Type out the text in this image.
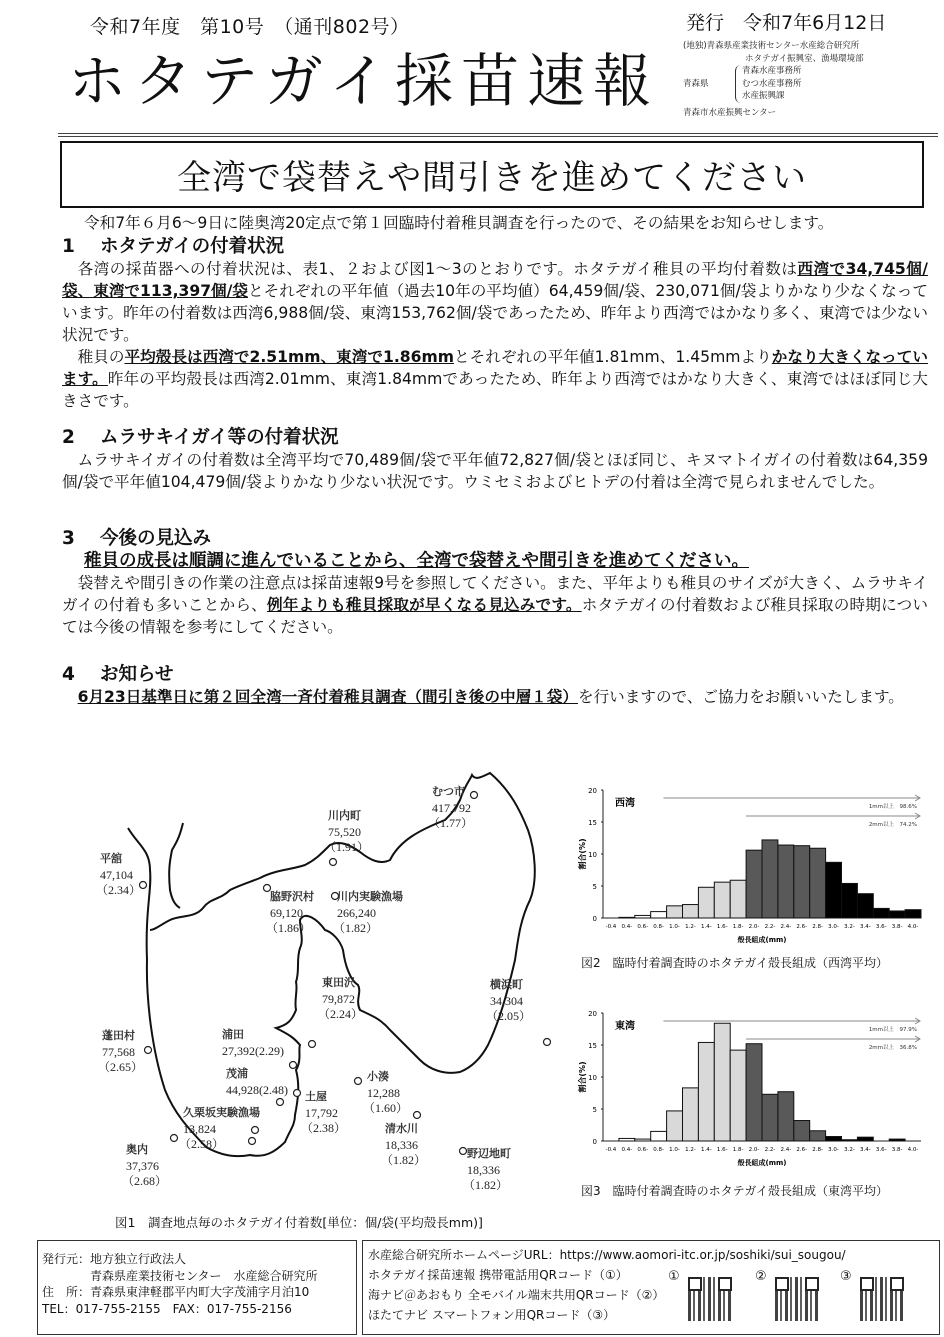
令和7年度　第10号　（通刊802号）	発行　令和7年6月12日
ホタテガイ採苗速報
(地独)青森県産業技術センター水産総合研究所
ホタテガイ振興室、漁場環境部
青森県
青森水産事務所
むつ水産事務所
水産振興課
青森市水産振興センター
全湾で袋替えや間引きを進めてください
令和7年６月6～9日に陸奥湾20定点で第１回臨時付着稚貝調査を行ったので、その結果をお知らせします。
1 ホタテガイの付着状況
各湾の採苗器への付着状況は、表1、２および図1～3のとおりです。ホタテガイ稚貝の平均付着数は西湾で34,745個/袋、東湾で113,397個/袋とそれぞれの平年値（過去10年の平均値）64,459個/袋、230,071個/袋よりかなり少なくなっています。昨年の付着数は西湾6,988個/袋、東湾153,762個/袋であったため、昨年より西湾ではかなり多く、東湾では少ない状況です。
稚貝の平均殻長は西湾で2.51mm、東湾で1.86mmとそれぞれの平年値1.81mm、1.45mmよりかなり大きくなっています。昨年の平均殻長は西湾2.01mm、東湾1.84mmであったため、昨年より西湾ではかなり大きく、東湾ではほぼ同じ大きさです。
2 ムラサキイガイ等の付着状況
ムラサキイガイの付着数は全湾平均で70,489個/袋で平年値72,827個/袋とほぼ同じ、キヌマトイガイの付着数は64,359個/袋で平年値104,479個/袋よりかなり少ない状況です。ウミセミおよびヒトデの付着は全湾で見られませんでした。
3 今後の見込み
稚貝の成長は順調に進んでいることから、全湾で袋替えや間引きを進めてください。
袋替えや間引きの作業の注意点は採苗速報9号を参照してください。また、平年よりも稚貝のサイズが大きく、ムラサキイガイの付着も多いことから、例年よりも稚貝採取が早くなる見込みです。ホタテガイの付着数および稚貝採取の時期については今後の情報を参考にしてください。
4 お知らせ
6月23日基準日に第２回全湾一斉付着稚貝調査（間引き後の中層１袋）を行いますので、ご協力をお願いいたします。
平舘
47,104
（2.34）
川内町
75,520
（1.91）
むつ市
417,792
（1.77）
脇野沢村
69,120
（1.86）
川内実験漁場
266,240
（1.82）
東田沢
79,872
（2.24）
横浜町
34,304
（2.05）
蓬田村
77,568
（2.65）
浦田
27,392(2.29)
茂浦
44,928(2.48) 土屋
17,792
（2.38）
小湊
12,288
（1.60）
久栗坂実験漁場
13,824
（2.58）
清水川
18,336
（1.82）	野辺地町
18,336
（1.82）
奥内
37,376
（2.68）
図1　調査地点毎のホタテガイ付着数[単位：個/袋(平均殻長mm)]
割合(%)
0
5
10
15
20
-0.4 0.4- 0.6- 0.8- 1.0- 1.2- 1.4- 1.6- 1.8- 2.0- 2.2- 2.4- 2.6- 2.8- 3.0- 3.2- 3.4- 3.6- 3.8- 4.0-
殻長組成(mm)
西湾	1mm以上　98.6%
2mm以上　74.2%
図2　臨時付着調査時のホタテガイ殻長組成（西湾平均）
割合(%)
0
5
10
15
20
-0.4 0.4- 0.6- 0.8- 1.0- 1.2- 1.4- 1.6- 1.8- 2.0- 2.2- 2.4- 2.6- 2.8- 3.0- 3.2- 3.4- 3.6- 3.8- 4.0-
殻長組成(mm)
東湾	1mm以上　97.9%
2mm以上　36.8%
図3　臨時付着調査時のホタテガイ殻長組成（東湾平均）
発行元：地方独立行政法人
青森県産業技術センター　水産総合研究所
住　所：青森県東津軽郡平内町大字茂浦字月泊10
TEL：017-755-2155　FAX：017-755-2156
水産総合研究所ホームページURL：https://www.aomori-itc.or.jp/soshiki/sui_sougou/
ホタテガイ採苗速報 携帯電話用QRコード（①）
海ナビ＠あおもり 全モバイル端末共用QRコード（②）
ほたてナビ スマートフォン用QRコード（③）
①	②	③
